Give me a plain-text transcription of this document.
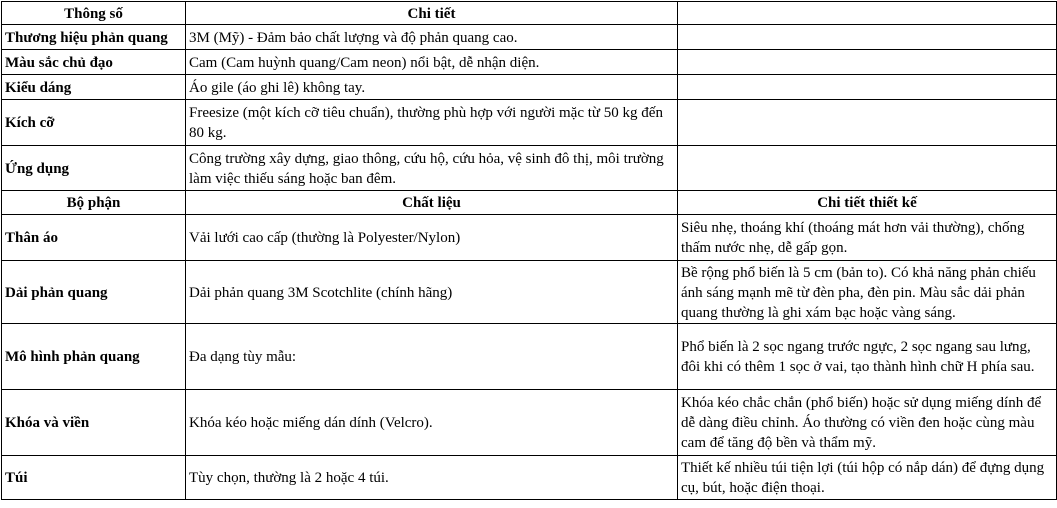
Thông số	Chi tiết	
Thương hiệu phản quang	3M (Mỹ) - Đảm bảo chất lượng và độ phản quang cao.	
Màu sắc chủ đạo	Cam (Cam huỳnh quang/Cam neon) nổi bật, dễ nhận diện.	
Kiểu dáng	Áo gile (áo ghi lê) không tay.	
Kích cỡ	Freesize (một kích cỡ tiêu chuẩn), thường phù hợp với người mặc từ 50 kg đến 80 kg.	
Ứng dụng	Công trường xây dựng, giao thông, cứu hộ, cứu hỏa, vệ sinh đô thị, môi trường làm việc thiếu sáng hoặc ban đêm.	
Bộ phận	Chất liệu	Chi tiết thiết kế
Thân áo	Vải lưới cao cấp (thường là Polyester/Nylon)	Siêu nhẹ, thoáng khí (thoáng mát hơn vải thường), chống thấm nước nhẹ, dễ gấp gọn.
Dải phản quang	Dải phản quang 3M Scotchlite (chính hãng)	Bề rộng phổ biến là 5 cm (bản to). Có khả năng phản chiếu ánh sáng mạnh mẽ từ đèn pha, đèn pin. Màu sắc dải phản quang thường là ghi xám bạc hoặc vàng sáng.
Mô hình phản quang	Đa dạng tùy mẫu:	Phổ biến là 2 sọc ngang trước ngực, 2 sọc ngang sau lưng, đôi khi có thêm 1 sọc ở vai, tạo thành hình chữ H phía sau.
Khóa và viền	Khóa kéo hoặc miếng dán dính (Velcro).	Khóa kéo chắc chắn (phổ biến) hoặc sử dụng miếng dính để dễ dàng điều chỉnh. Áo thường có viền đen hoặc cùng màu cam để tăng độ bền và thẩm mỹ.
Túi	Tùy chọn, thường là 2 hoặc 4 túi.	Thiết kế nhiều túi tiện lợi (túi hộp có nắp dán) để đựng dụng cụ, bút, hoặc điện thoại.
